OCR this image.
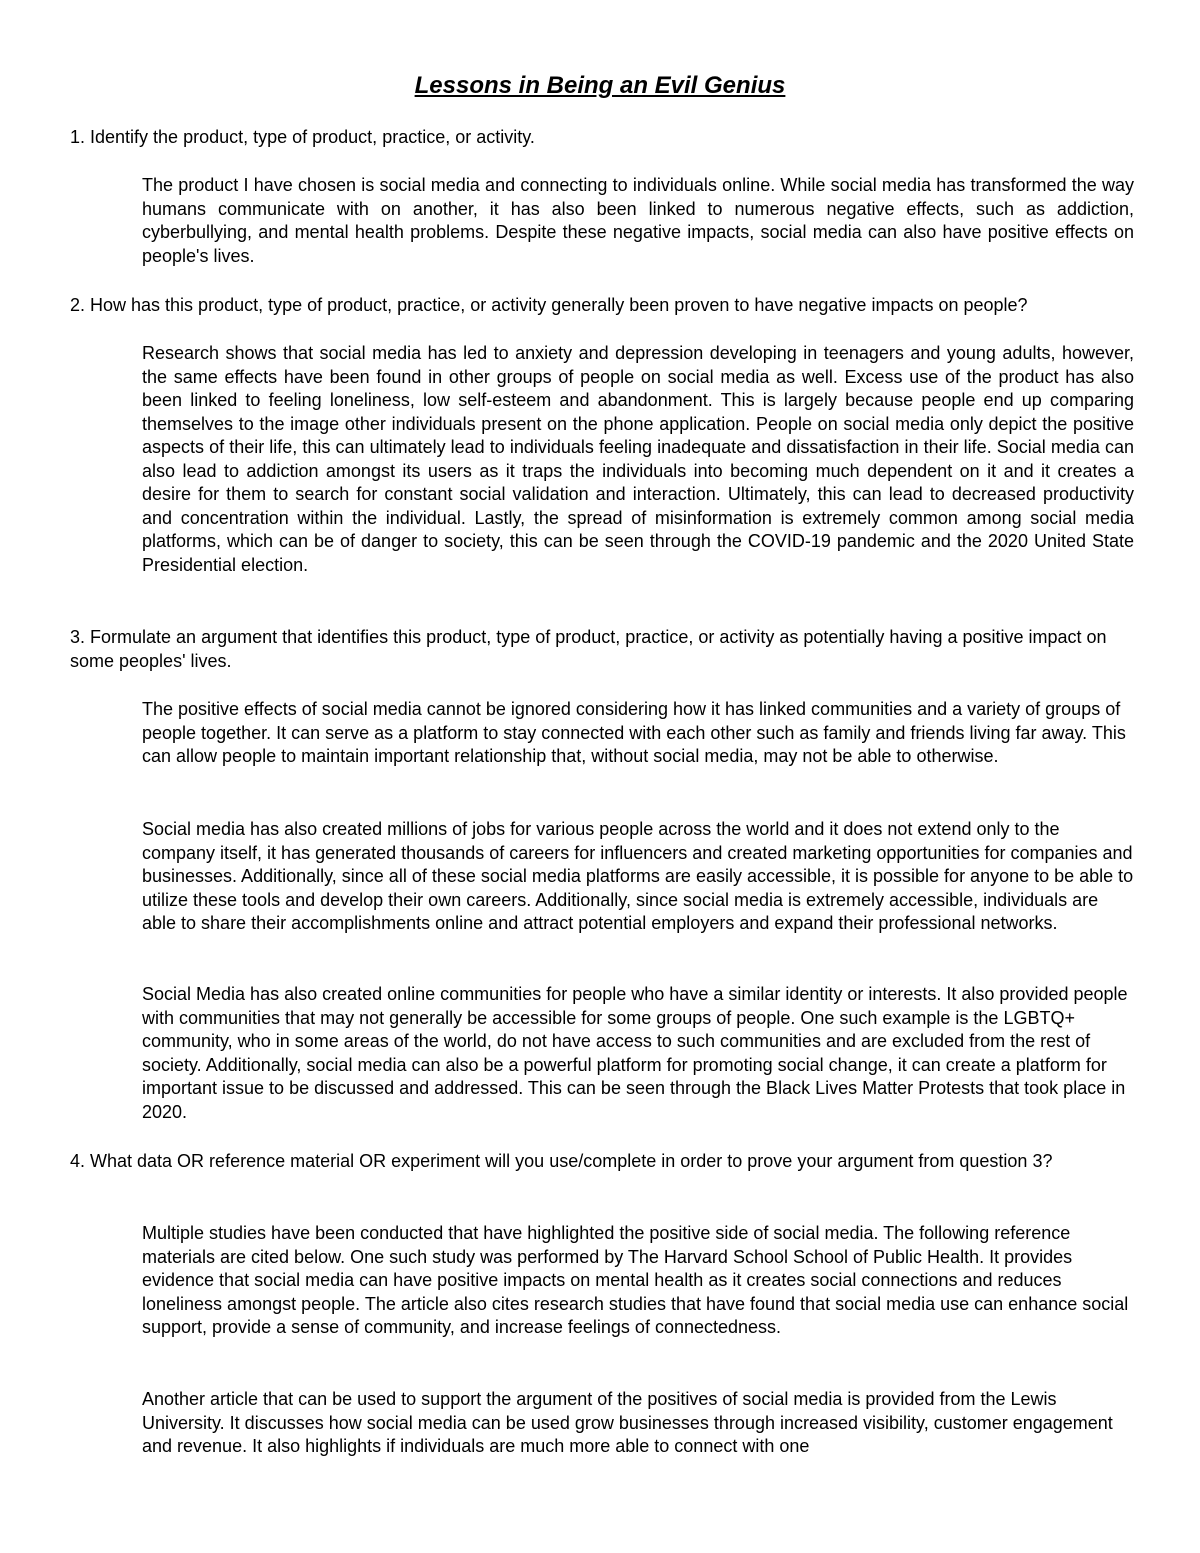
Lessons in Being an Evil Genius

1. Identify the product, type of product, practice, or activity.

The product I have chosen is social media and connecting to individuals online. While social media has transformed the way humans communicate with on another, it has also been linked to numerous negative effects, such as addiction, cyberbullying, and mental health problems. Despite these negative impacts, social media can also have positive effects on people's lives.

2. How has this product, type of product, practice, or activity generally been proven to have negative impacts on people?

Research shows that social media has led to anxiety and depression developing in teenagers and young adults, however, the same effects have been found in other groups of people on social media as well. Excess use of the product has also been linked to feeling loneliness, low self-esteem and abandonment. This is largely because people end up comparing themselves to the image other individuals present on the phone application. People on social media only depict the positive aspects of their life, this can ultimately lead to individuals feeling inadequate and dissatisfaction in their life. Social media can also lead to addiction amongst its users as it traps the individuals into becoming much dependent on it and it creates a desire for them to search for constant social validation and interaction. Ultimately, this can lead to decreased productivity and concentration within the individual. Lastly, the spread of misinformation is extremely common among social media platforms, which can be of danger to society, this can be seen through the COVID-19 pandemic and the 2020 United State Presidential election.

3. Formulate an argument that identifies this product, type of product, practice, or activity as potentially having a positive impact on some peoples' lives.

The positive effects of social media cannot be ignored considering how it has linked communities and a variety of groups of people together. It can serve as a platform to stay connected with each other such as family and friends living far away. This can allow people to maintain important relationship that, without social media, may not be able to otherwise.

Social media has also created millions of jobs for various people across the world and it does not extend only to the company itself, it has generated thousands of careers for influencers and created marketing opportunities for companies and businesses. Additionally, since all of these social media platforms are easily accessible, it is possible for anyone to be able to utilize these tools and develop their own careers. Additionally, since social media is extremely accessible, individuals are able to share their accomplishments online and attract potential employers and expand their professional networks.

Social Media has also created online communities for people who have a similar identity or interests. It also provided people with communities that may not generally be accessible for some groups of people. One such example is the LGBTQ+ community, who in some areas of the world, do not have access to such communities and are excluded from the rest of society. Additionally, social media can also be a powerful platform for promoting social change, it can create a platform for important issue to be discussed and addressed. This can be seen through the Black Lives Matter Protests that took place in 2020.

4. What data OR reference material OR experiment will you use/complete in order to prove your argument from question 3?

Multiple studies have been conducted that have highlighted the positive side of social media. The following reference materials are cited below. One such study was performed by The Harvard School School of Public Health. It provides evidence that social media can have positive impacts on mental health as it creates social connections and reduces loneliness amongst people. The article also cites research studies that have found that social media use can enhance social support, provide a sense of community, and increase feelings of connectedness.

Another article that can be used to support the argument of the positives of social media is provided from the Lewis University. It discusses how social media can be used grow businesses through increased visibility, customer engagement and revenue. It also highlights if individuals are much more able to connect with one
